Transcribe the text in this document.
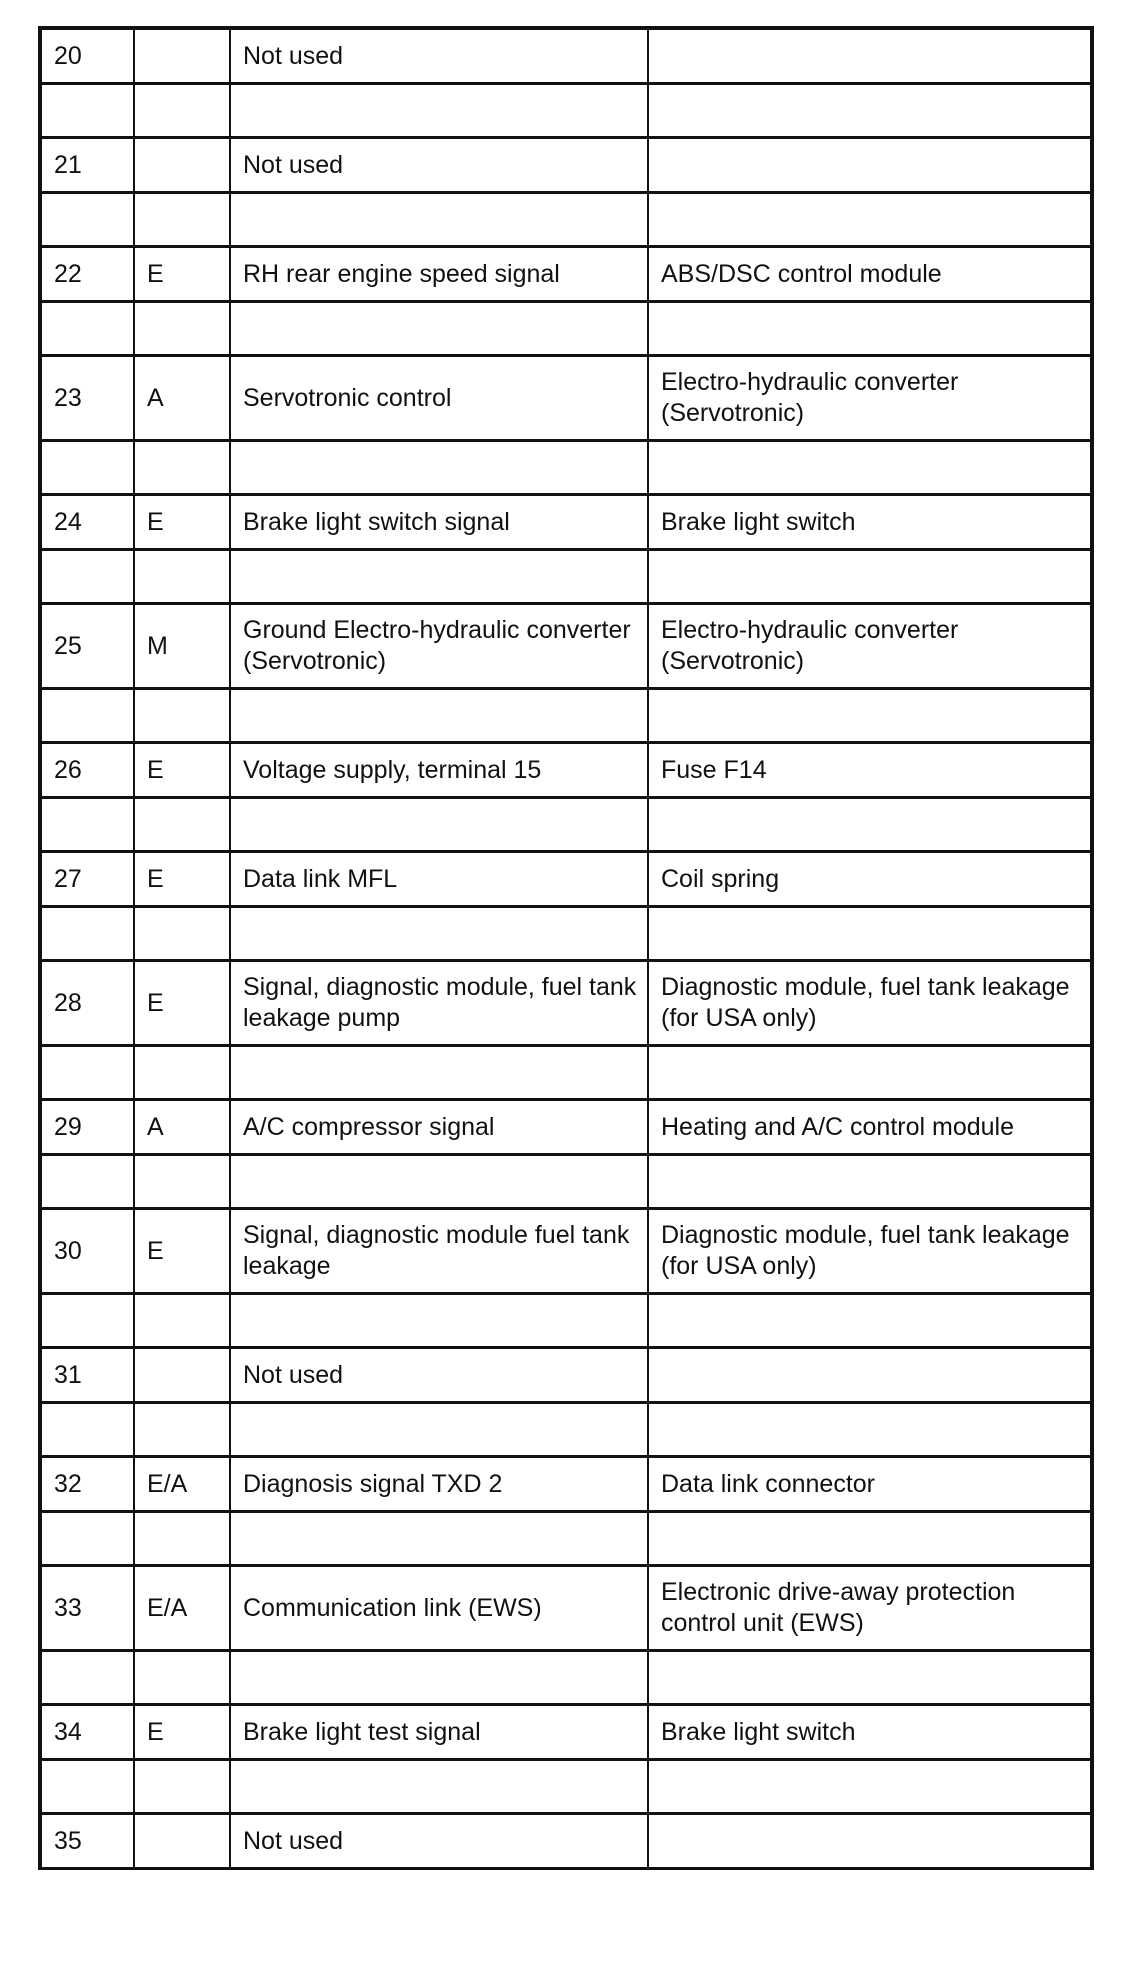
20		Not used	

21		Not used	

22	E	RH rear engine speed signal	ABS/DSC control module

23	A	Servotronic control	Electro-hydraulic converter (Servotronic)

24	E	Brake light switch signal	Brake light switch

25	M	Ground Electro-hydraulic converter (Servotronic)	Electro-hydraulic converter (Servotronic)

26	E	Voltage supply, terminal 15	Fuse F14

27	E	Data link MFL	Coil spring

28	E	Signal, diagnostic module, fuel tank leakage pump	Diagnostic module, fuel tank leakage (for USA only)

29	A	A/C compressor signal	Heating and A/C control module

30	E	Signal, diagnostic module fuel tank leakage	Diagnostic module, fuel tank leakage (for USA only)

31		Not used	

32	E/A	Diagnosis signal TXD 2	Data link connector

33	E/A	Communication link (EWS)	Electronic drive-away protection control unit (EWS)

34	E	Brake light test signal	Brake light switch

35		Not used	
